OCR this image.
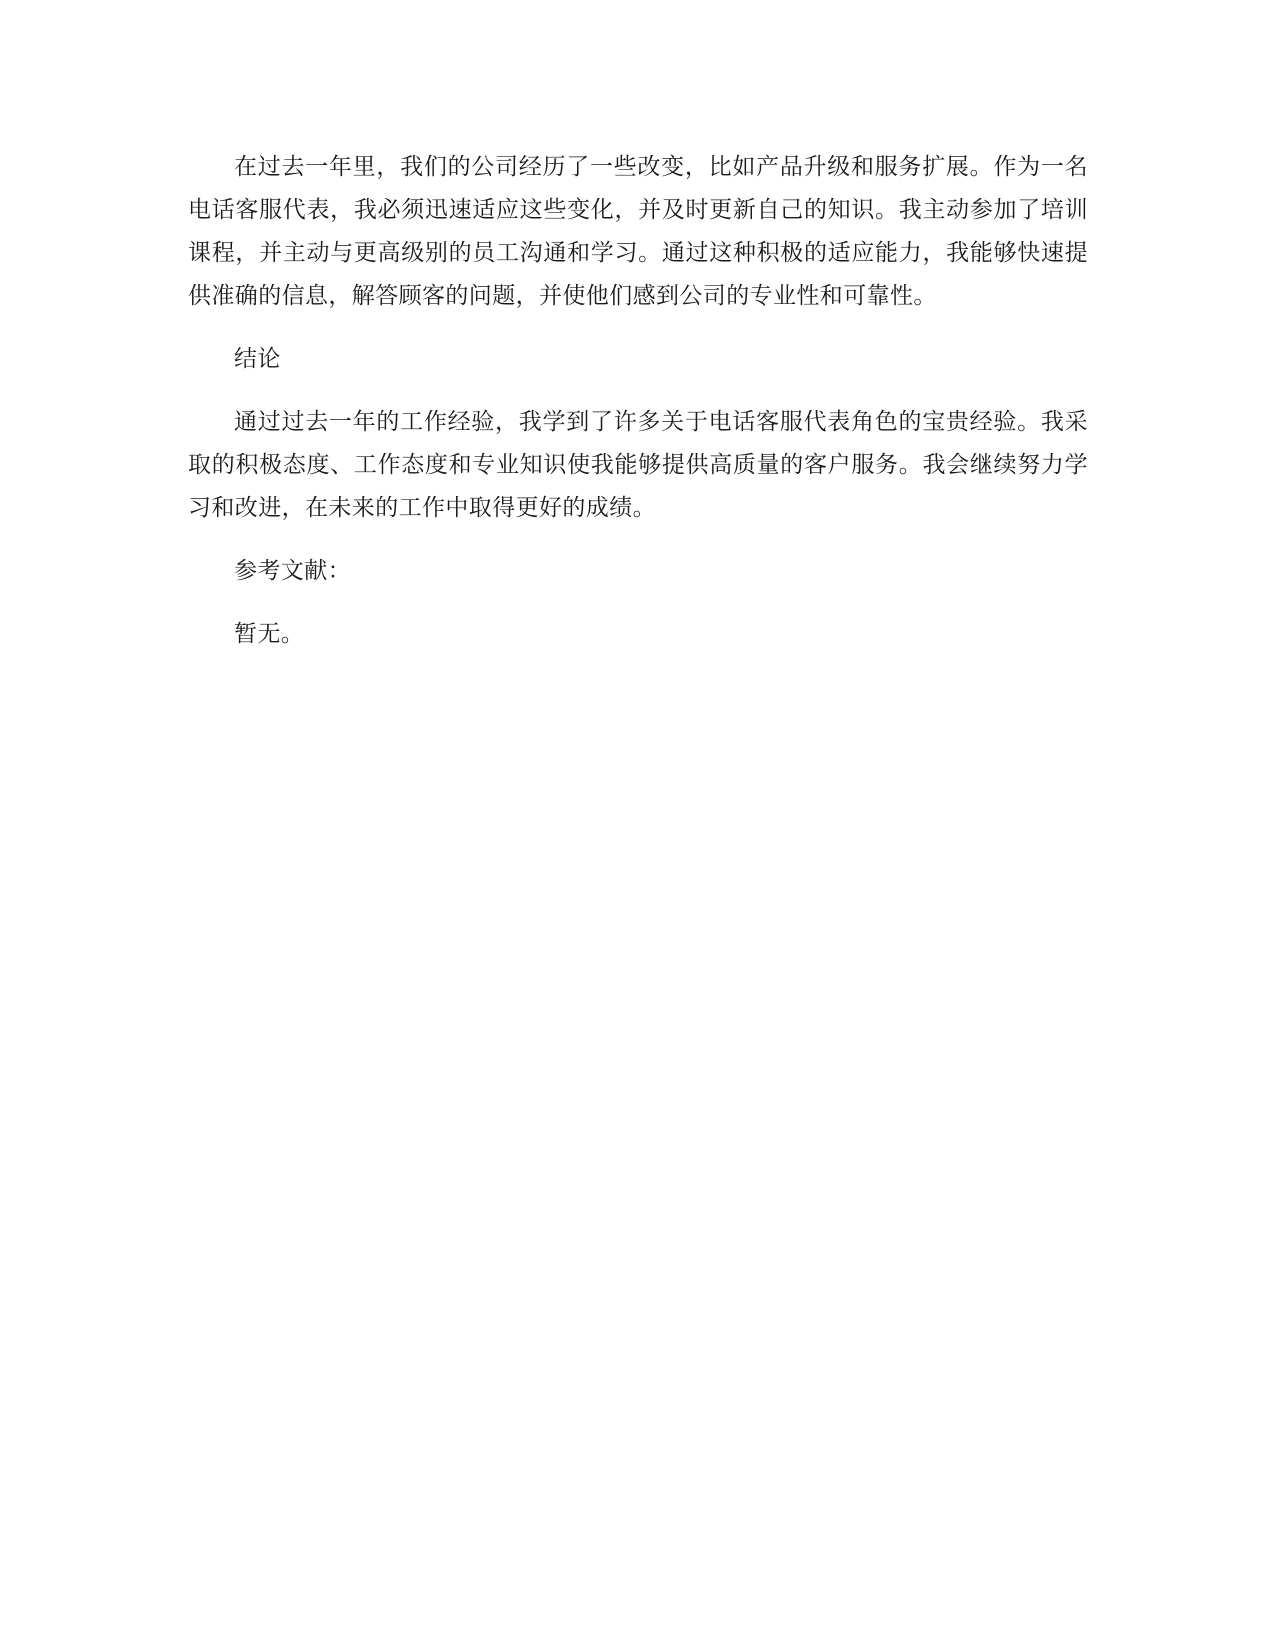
在过去一年里，我们的公司经历了一些改变，比如产品升级和服务扩展。作为一名电话客服代表，我必须迅速适应这些变化，并及时更新自己的知识。我主动参加了培训课程，并主动与更高级别的员工沟通和学习。通过这种积极的适应能力，我能够快速提供准确的信息，解答顾客的问题，并使他们感到公司的专业性和可靠性。

结论

通过过去一年的工作经验，我学到了许多关于电话客服代表角色的宝贵经验。我采取的积极态度、工作态度和专业知识使我能够提供高质量的客户服务。我会继续努力学习和改进，在未来的工作中取得更好的成绩。

参考文献：

暂无。
